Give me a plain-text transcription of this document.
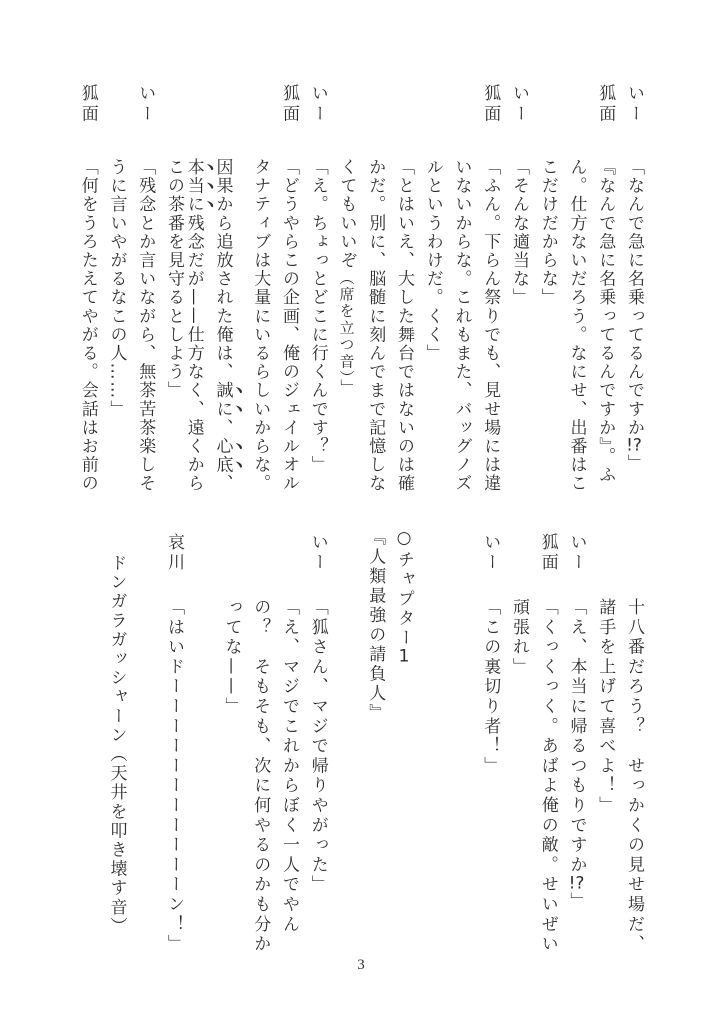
いー
「なんで急に名乗ってるんですか!?」
狐面
『なんで急に名乗ってるんですか』。ふ
ん。仕方ないだろう。なにせ、出番はこ
こだけだからな」
いー
「そんな適当な」
狐面
「ふん。下らん祭りでも、見せ場には違
いないからな。これもまた、バッグノズ
ルというわけだ。くく」
「とはいえ、大した舞台ではないのは確
かだ。別に、脳髄に刻んでまで記憶しな
くてもいいぞ（席を立つ音）」
いー
「え。ちょっとどこに行くんです？」
狐面
「どうやらこの企画、俺のジェイルオル
タナティブは大量にいるらしいからな。
因果から追放された俺は、誠に、心底、
本当に残念だが——仕方なく、遠くから
この茶番を見守るとしよう」
いー
「残念とか言いながら、無茶苦茶楽しそ
うに言いやがるなこの人……」
狐面
「何をうろたえてやがる。会話はお前の
十八番だろう？　せっかくの見せ場だ、
諸手を上げて喜べよ！」
いー
「え、本当に帰るつもりですか!?」
狐面
「くっくっく。あばよ俺の敵。せいぜい
頑張れ」
いー
「この裏切り者！」
○チャプター1
『人類最強の請負人』
いー
「狐さん、マジで帰りやがった」
「え、マジでこれからぼく一人でやん
の？　そもそも、次に何やるのかも分か
ってな——」
哀川
「はいドーーーーーーーーーーーン！」
ドンガラガッシャーン（天井を叩き壊す音）
3
